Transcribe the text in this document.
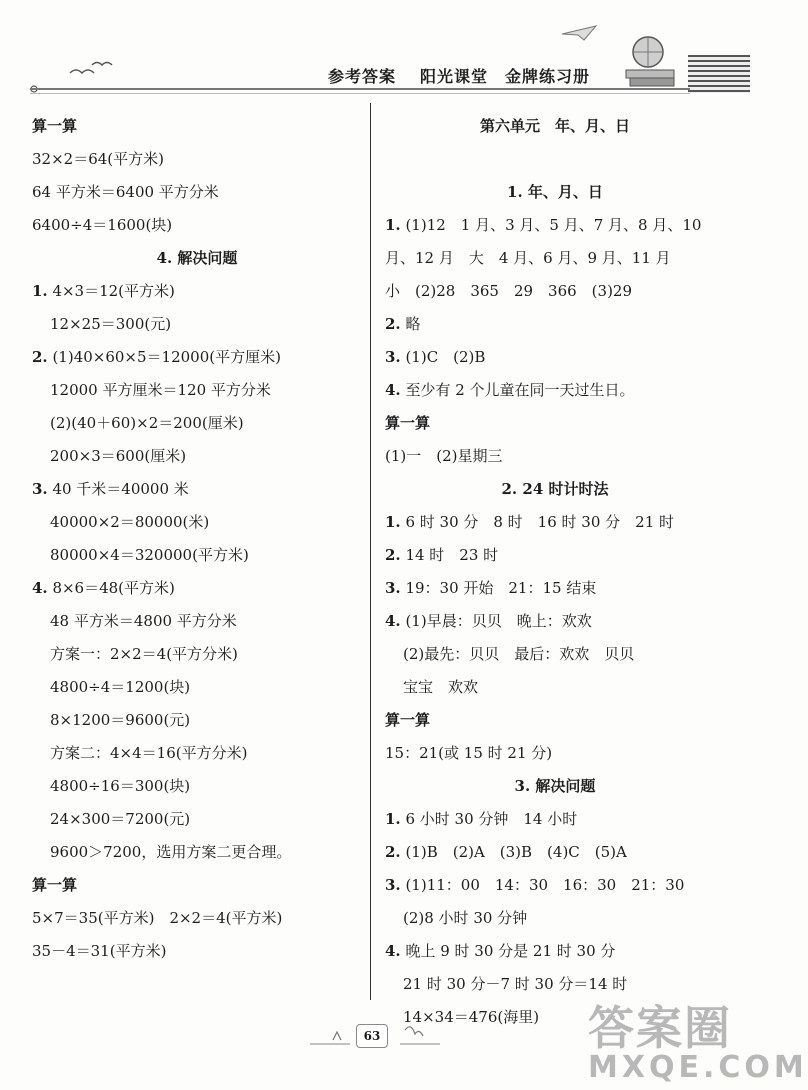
参考答案 阳光课堂　金牌练习册
算一算
32×2＝64(平方米)
64 平方米＝6400 平方分米
6400÷4＝1600(块)
4. 解决问题
1. 4×3＝12(平方米)
12×25＝300(元)
2. (1)40×60×5＝12000(平方厘米)
12000 平方厘米＝120 平方分米
(2)(40＋60)×2＝200(厘米)
200×3＝600(厘米)
3. 40 千米＝40000 米
40000×2＝80000(米)
80000×4＝320000(平方米)
4. 8×6＝48(平方米)
48 平方米＝4800 平方分米
方案一：2×2＝4(平方分米)
4800÷4＝1200(块)
8×1200＝9600(元)
方案二：4×4＝16(平方分米)
4800÷16＝300(块)
24×300＝7200(元)
9600＞7200，选用方案二更合理。
算一算
5×7＝35(平方米)　2×2＝4(平方米)
35－4＝31(平方米)
第六单元　年、月、日
1. 年、月、日
1. (1)12　1 月、3 月、5 月、7 月、8 月、10
月、12 月　大　4 月、6 月、9 月、11 月
小　(2)28　365　29　366　(3)29
2. 略
3. (1)C　(2)B
4. 至少有 2 个儿童在同一天过生日。
算一算
(1)一　(2)星期三
2. 24 时计时法
1. 6 时 30 分　8 时　16 时 30 分　21 时
2. 14 时　23 时
3. 19：30 开始　21：15 结束
4. (1)早晨：贝贝　晚上：欢欢
(2)最先：贝贝　最后：欢欢　贝贝
宝宝　欢欢
算一算
15：21(或 15 时 21 分)
3. 解决问题
1. 6 小时 30 分钟　14 小时
2. (1)B　(2)A　(3)B　(4)C　(5)A
3. (1)11：00　14：30　16：30　21：30
(2)8 小时 30 分钟
4. 晚上 9 时 30 分是 21 时 30 分
21 时 30 分－7 时 30 分＝14 时
14×34＝476(海里)
63	答案圈
MXQE.COM
